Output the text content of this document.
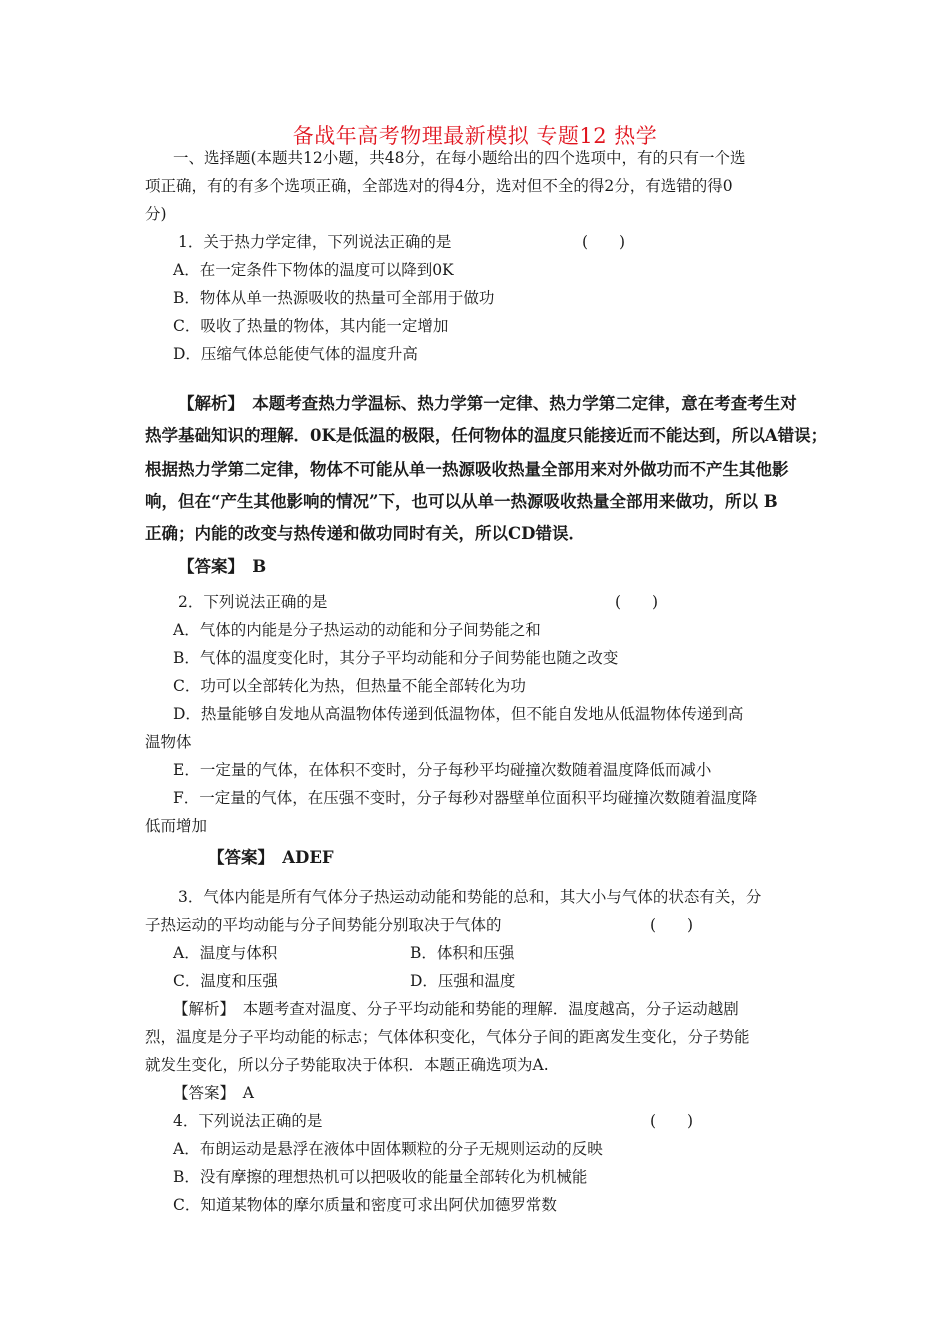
备战年高考物理最新模拟 专题12 热学
一、选择题(本题共12小题，共48分，在每小题给出的四个选项中，有的只有一个选
项正确，有的有多个选项正确，全部选对的得4分，选对但不全的得2分，有选错的得0
分)
1．关于热力学定律，下列说法正确的是	(　　)
A．在一定条件下物体的温度可以降到0K
B．物体从单一热源吸收的热量可全部用于做功
C．吸收了热量的物体，其内能一定增加
D．压缩气体总能使气体的温度升高
【解析】　本题考查热力学温标、热力学第一定律、热力学第二定律，意在考查考生对
热学基础知识的理解．0K是低温的极限，任何物体的温度只能接近而不能达到，所以A错误；
根据热力学第二定律，物体不可能从单一热源吸收热量全部用来对外做功而不产生其他影
响，但在“产生其他影响的情况”下，也可以从单一热源吸收热量全部用来做功，所以 B
正确；内能的改变与热传递和做功同时有关，所以CD错误．
【答案】　B
2．下列说法正确的是	(　　)
A．气体的内能是分子热运动的动能和分子间势能之和
B．气体的温度变化时，其分子平均动能和分子间势能也随之改变
C．功可以全部转化为热，但热量不能全部转化为功
D．热量能够自发地从高温物体传递到低温物体，但不能自发地从低温物体传递到高
温物体
E．一定量的气体，在体积不变时，分子每秒平均碰撞次数随着温度降低而减小
F．一定量的气体，在压强不变时，分子每秒对器壁单位面积平均碰撞次数随着温度降
低而增加
【答案】　ADEF
3．气体内能是所有气体分子热运动动能和势能的总和，其大小与气体的状态有关，分
子热运动的平均动能与分子间势能分别取决于气体的	(　　)
A．温度与体积	B．体积和压强
C．温度和压强	D．压强和温度
【解析】　本题考查对温度、分子平均动能和势能的理解．温度越高，分子运动越剧
烈，温度是分子平均动能的标志；气体体积变化，气体分子间的距离发生变化，分子势能
就发生变化，所以分子势能取决于体积．本题正确选项为A.
【答案】　A
4．下列说法正确的是	(　　)
A．布朗运动是悬浮在液体中固体颗粒的分子无规则运动的反映
B．没有摩擦的理想热机可以把吸收的能量全部转化为机械能
C．知道某物体的摩尔质量和密度可求出阿伏加德罗常数
